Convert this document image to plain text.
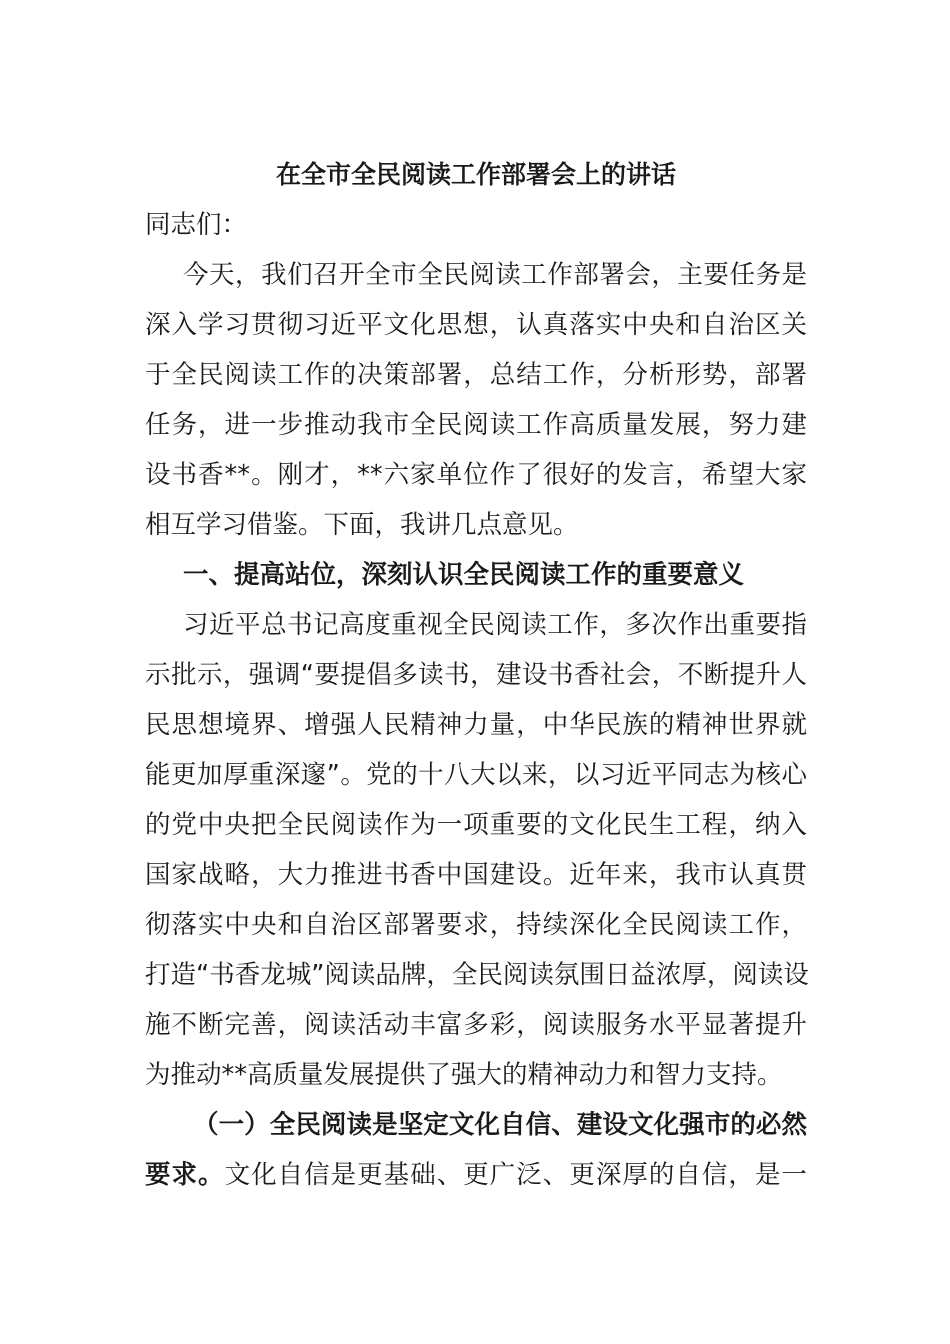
在全市全民阅读工作部署会上的讲话

同志们：

今天，我们召开全市全民阅读工作部署会，主要任务是

深入学习贯彻习近平文化思想，认真落实中央和自治区关

于全民阅读工作的决策部署，总结工作，分析形势，部署

任务，进一步推动我市全民阅读工作高质量发展，努力建

设书香**。刚才，**六家单位作了很好的发言，希望大家

相互学习借鉴。下面，我讲几点意见。

一、提高站位，深刻认识全民阅读工作的重要意义

习近平总书记高度重视全民阅读工作，多次作出重要指

示批示，强调“要提倡多读书，建设书香社会，不断提升人

民思想境界、增强人民精神力量，中华民族的精神世界就

能更加厚重深邃”。党的十八大以来，以习近平同志为核心

的党中央把全民阅读作为一项重要的文化民生工程，纳入

国家战略，大力推进书香中国建设。近年来，我市认真贯

彻落实中央和自治区部署要求，持续深化全民阅读工作，

打造“书香龙城”阅读品牌，全民阅读氛围日益浓厚，阅读设

施不断完善，阅读活动丰富多彩，阅读服务水平显著提升

为推动**高质量发展提供了强大的精神动力和智力支持。

（一）全民阅读是坚定文化自信、建设文化强市的必然

要求。文化自信是更基础、更广泛、更深厚的自信，是一
